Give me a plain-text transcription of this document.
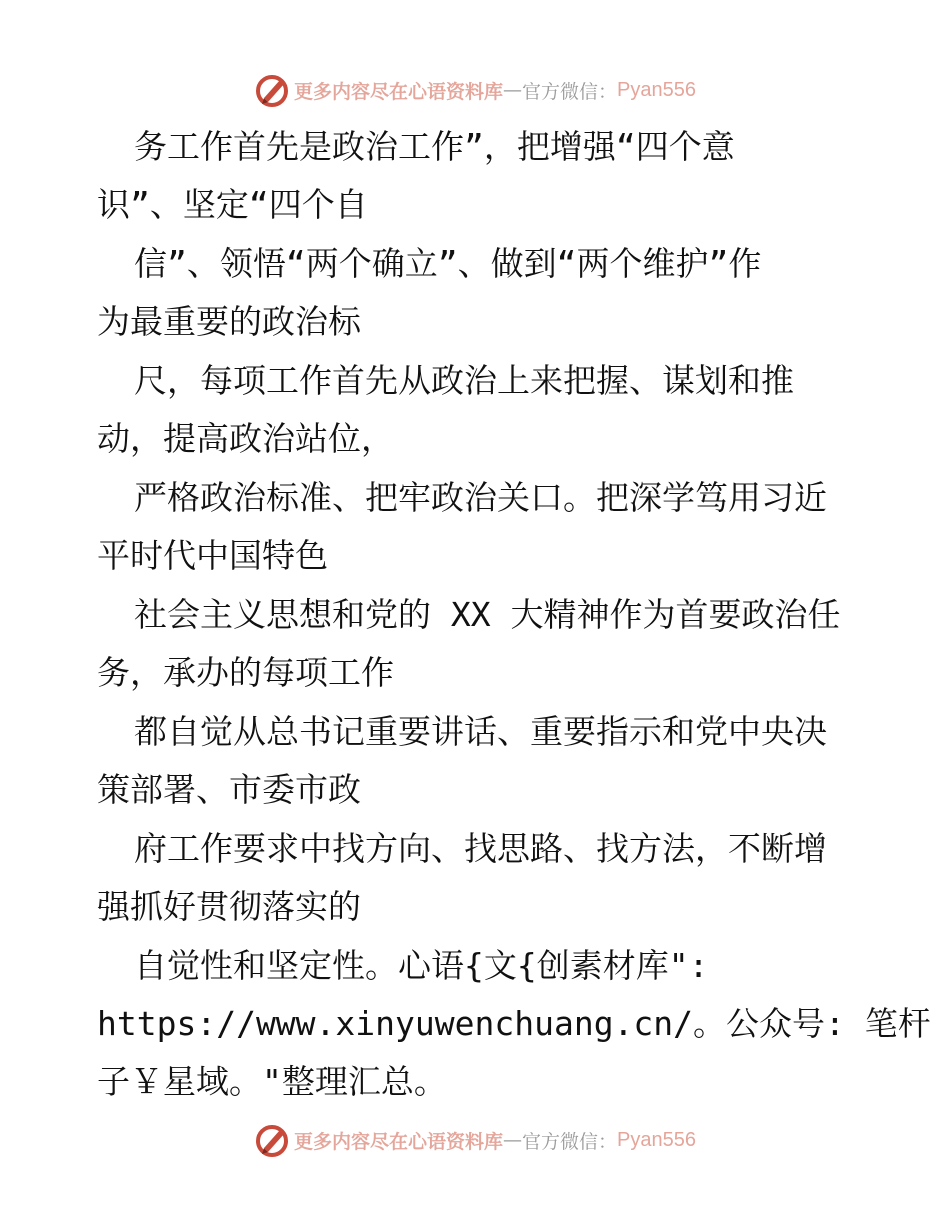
更多内容尽在心语资料库 — 官方微信： Pyan556
务工作首先是政治工作”，把增强“四个意
识”、坚定“四个自
信”、领悟“两个确立”、做到“两个维护”作
为最重要的政治标
尺，每项工作首先从政治上来把握、谋划和推
动，提高政治站位，
严格政治标准、把牢政治关口。把深学笃用习近
平时代中国特色
社会主义思想和党的 XX 大精神作为首要政治任
务，承办的每项工作
都自觉从总书记重要讲话、重要指示和党中央决
策部署、市委市政
府工作要求中找方向、找思路、找方法，不断增
强抓好贯彻落实的
自觉性和坚定性。心语{文{创素材库":
https://www.xinyuwenchuang.cn/。公众号: 笔杆
子￥星域。"整理汇总。
更多内容尽在心语资料库 — 官方微信： Pyan556
